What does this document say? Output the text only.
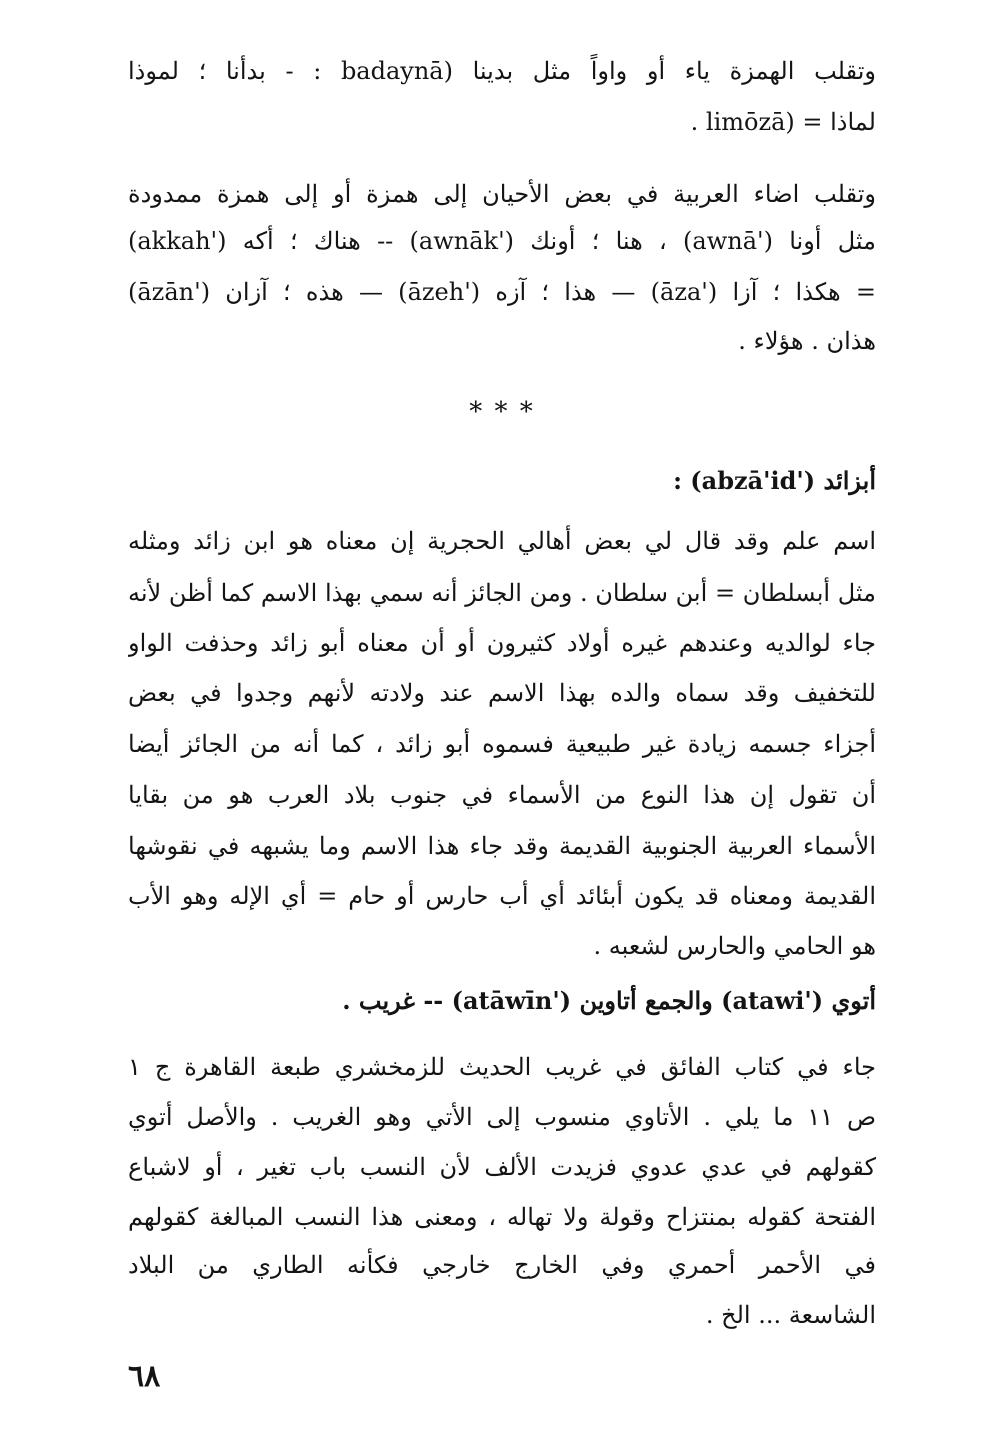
وتقلب الهمزة ياء أو واواً مثل بدينا (badaynā : - بدأنا ؛ لموذا
. limōzā) = لماذا
وتقلب اضاء العربية في بعض الأحيان إلى همزة أو إلى همزة ممدودة
مثل أونا ('awnā) ، هنا ؛ أونك ('awnāk) -- هناك ؛ أكه ('akkah)
= هكذا ؛ آزا ('āza) — هذا ؛ آزه ('āzeh) — هذه ؛ آزان ('āzān)
هذان . هؤلاء .
* * *
أبزائد ('abzā'id) :
اسم علم وقد قال لي بعض أهالي الحجرية إن معناه هو ابن زائد ومثله
مثل أبسلطان = أبن سلطان . ومن الجائز أنه سمي بهذا الاسم كما أظن لأنه
جاء لوالديه وعندهم غيره أولاد كثيرون أو أن معناه أبو زائد وحذفت الواو
للتخفيف وقد سماه والده بهذا الاسم عند ولادته لأنهم وجدوا في بعض
أجزاء جسمه زيادة غير طبيعية فسموه أبو زائد ، كما أنه من الجائز أيضا
أن تقول إن هذا النوع من الأسماء في جنوب بلاد العرب هو من بقايا
الأسماء العربية الجنوبية القديمة وقد جاء هذا الاسم وما يشبهه في نقوشها
القديمة ومعناه قد يكون أبئائد أي أب حارس أو حام = أي الإله وهو الأب
هو الحامي والحارس لشعبه .
أتوي ('atawi) والجمع أتاوين ('atāwīn) -- غريب .
جاء في كتاب الفائق في غريب الحديث للزمخشري طبعة القاهرة ج ١
ص ١١ ما يلي . الأتاوي منسوب إلى الأتي وهو الغريب . والأصل أتوي
كقولهم في عدي عدوي فزيدت الألف لأن النسب باب تغير ، أو لاشباع
الفتحة كقوله بمنتزاح وقولة ولا تهاله ، ومعنى هذا النسب المبالغة كقولهم
في الأحمر أحمري وفي الخارج خارجي فكأنه الطاري من البلاد
الشاسعة ... الخ .
٦٨
